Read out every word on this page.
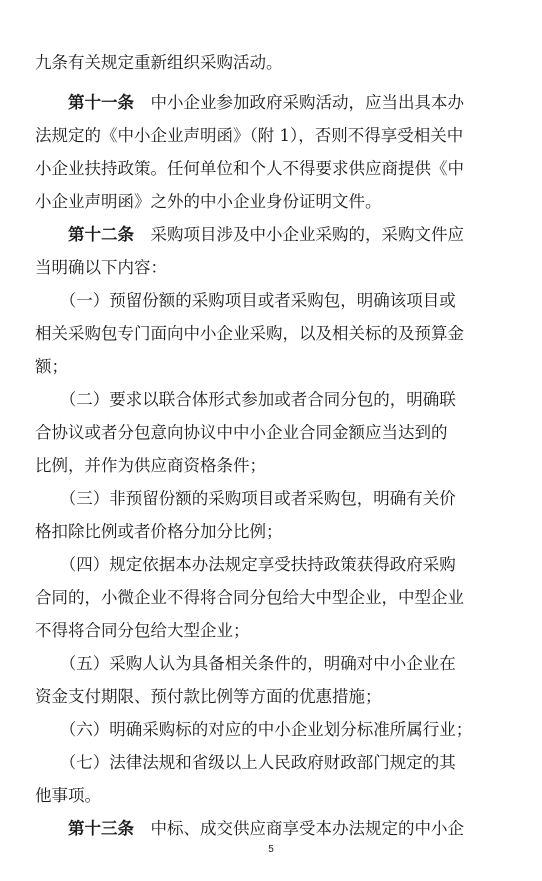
九条有关规定重新组织采购活动。
第十一条　中小企业参加政府采购活动，应当出具本办
法规定的《中小企业声明函》（附 1），否则不得享受相关中
小企业扶持政策。任何单位和个人不得要求供应商提供《中
小企业声明函》之外的中小企业身份证明文件。
第十二条　采购项目涉及中小企业采购的，采购文件应
当明确以下内容：
　　（一）预留份额的采购项目或者采购包，明确该项目或
相关采购包专门面向中小企业采购，以及相关标的及预算金
额；
　　（二）要求以联合体形式参加或者合同分包的，明确联
合协议或者分包意向协议中中小企业合同金额应当达到的
比例，并作为供应商资格条件；
　　（三）非预留份额的采购项目或者采购包，明确有关价
格扣除比例或者价格分加分比例；
　　（四）规定依据本办法规定享受扶持政策获得政府采购
合同的，小微企业不得将合同分包给大中型企业，中型企业
不得将合同分包给大型企业；
　　（五）采购人认为具备相关条件的，明确对中小企业在
资金支付期限、预付款比例等方面的优惠措施；
　　（六）明确采购标的对应的中小企业划分标准所属行业；
　　（七）法律法规和省级以上人民政府财政部门规定的其
他事项。
第十三条　中标、成交供应商享受本办法规定的中小企
5
